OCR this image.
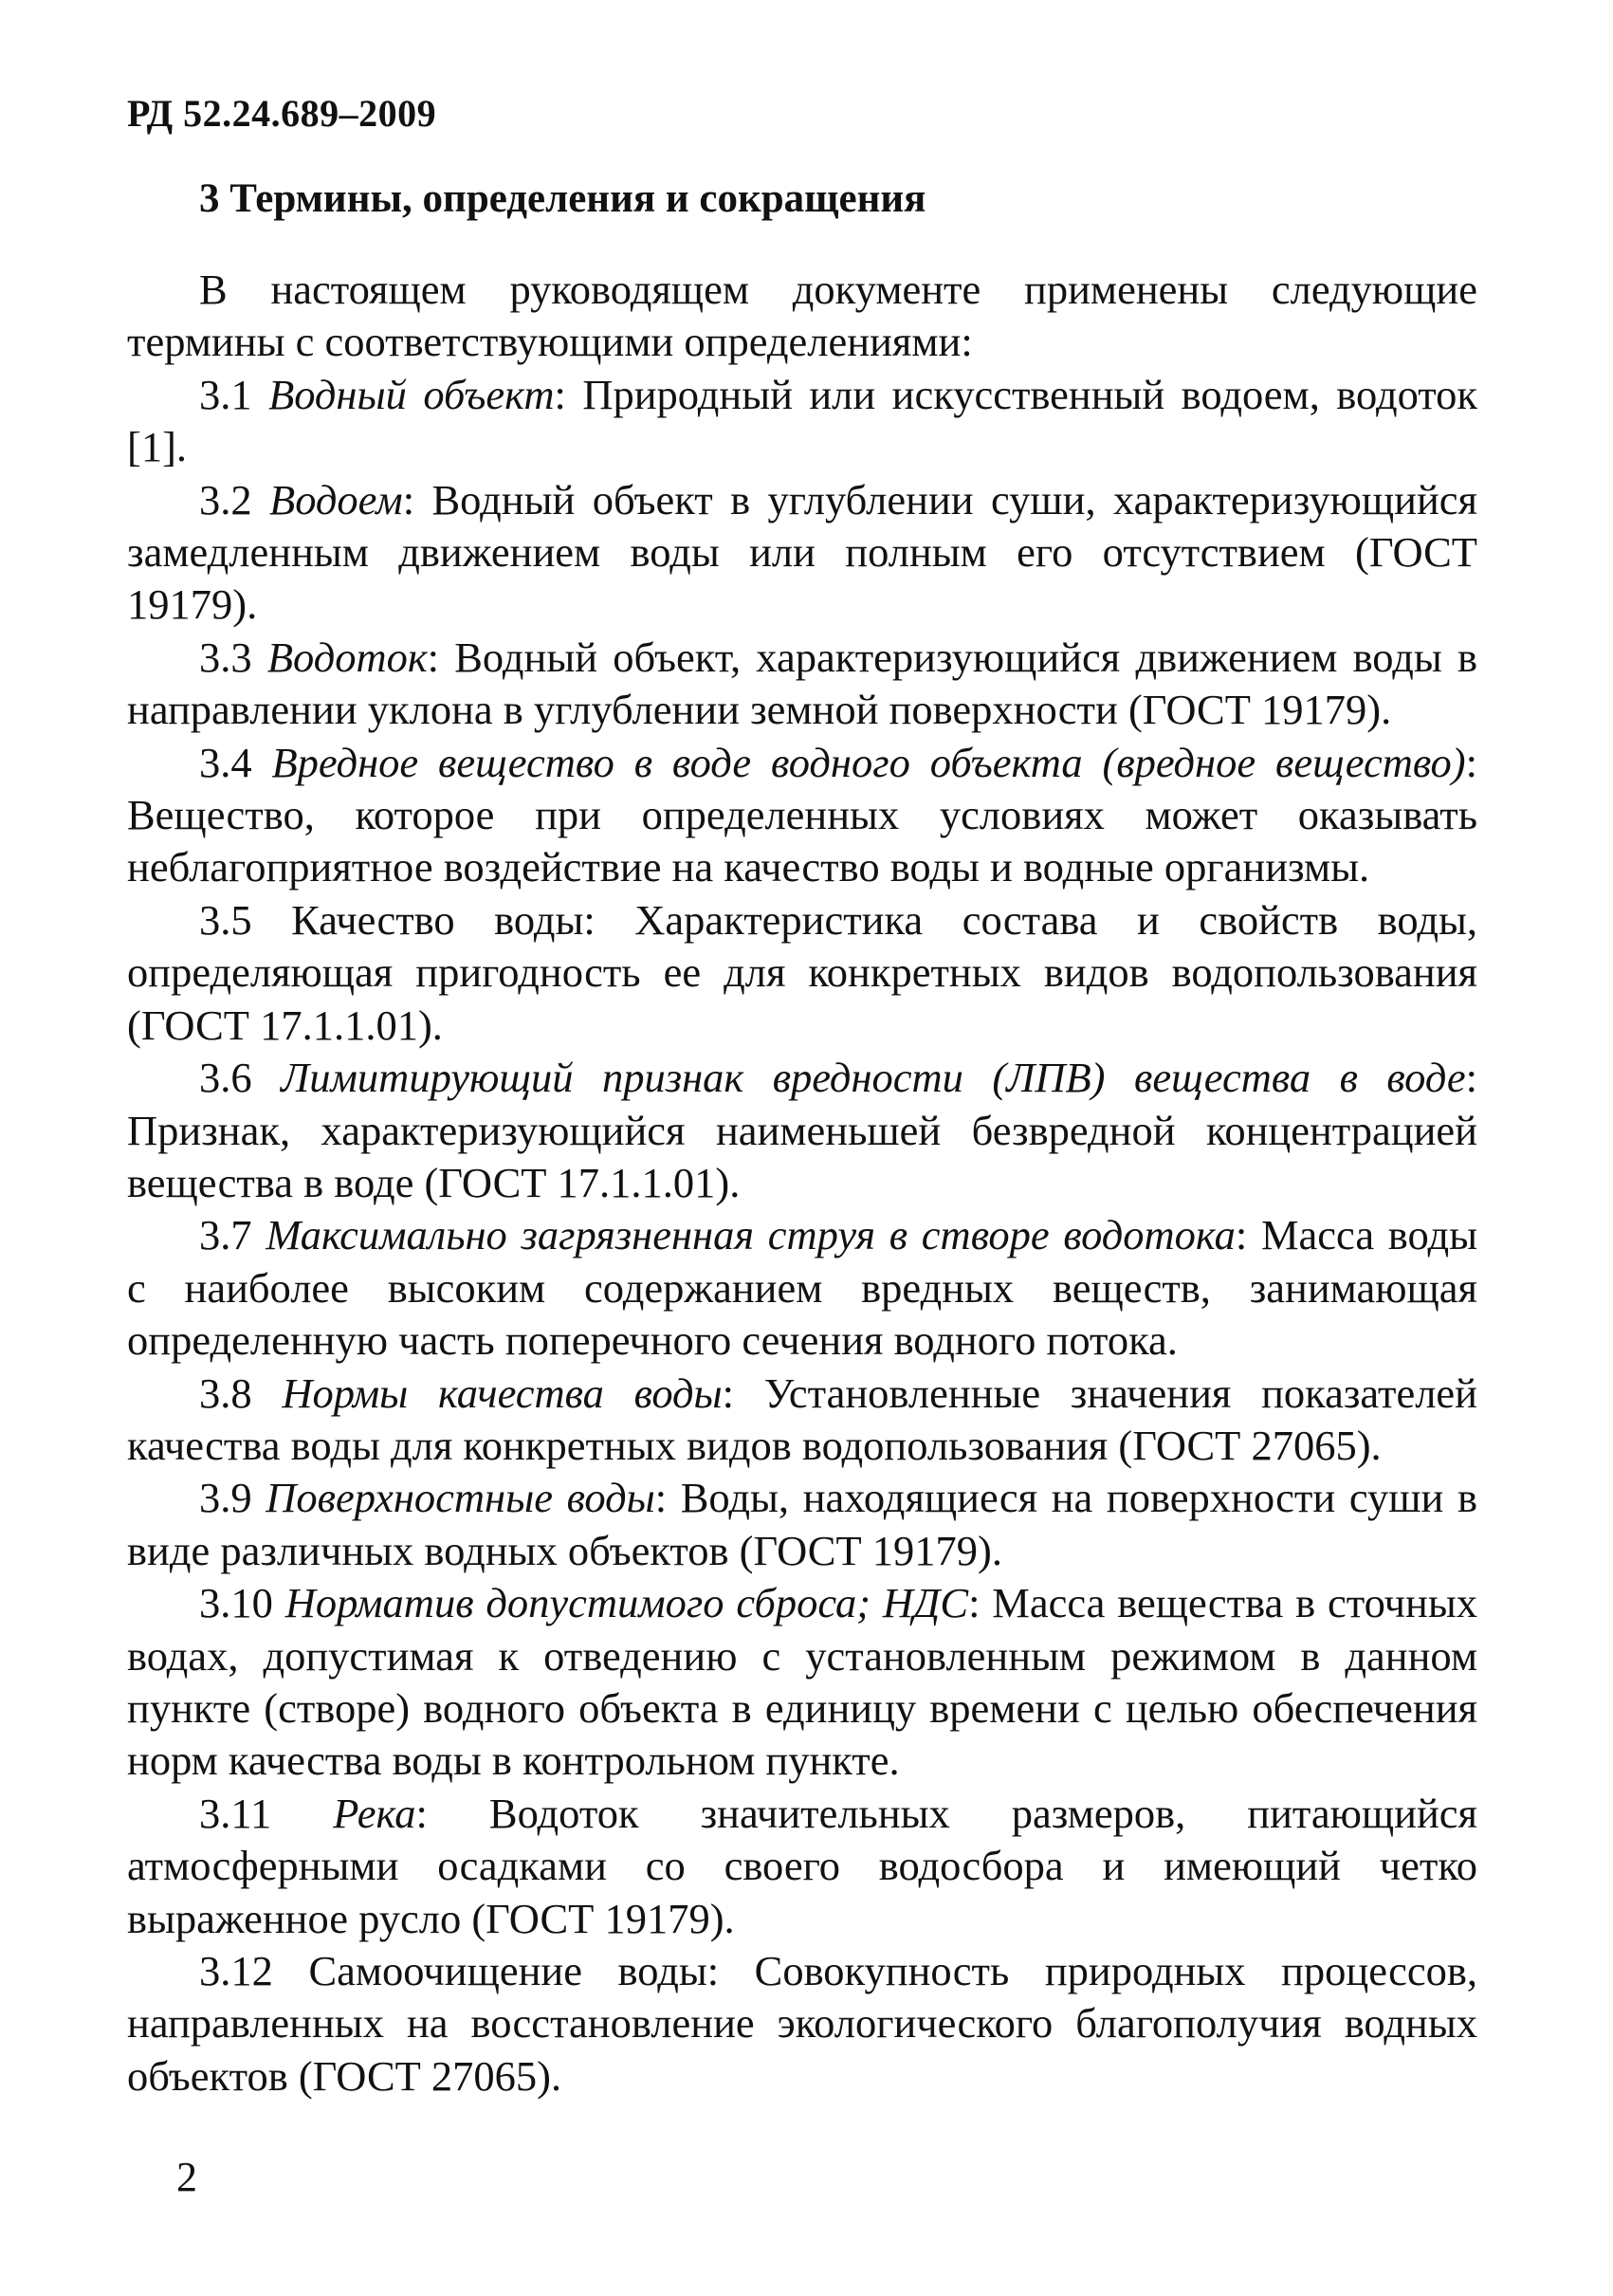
РД 52.24.689–2009
3 Термины, определения и сокращения

В настоящем руководящем документе применены следующие термины с соответствующими определениями:

3.1 Водный объект: Природный или искусственный водоем, водоток [1].

3.2 Водоем: Водный объект в углублении суши, характеризующийся замедленным движением воды или полным его отсутствием (ГОСТ 19179).

3.3 Водоток: Водный объект, характеризующийся движением воды в направлении уклона в углублении земной поверхности (ГОСТ 19179).

3.4 Вредное вещество в воде водного объекта (вредное вещество): Вещество, которое при определенных условиях может оказывать неблагоприятное воздействие на качество воды и водные организмы.

3.5 Качество воды: Характеристика состава и свойств воды, определяющая пригодность ее для конкретных видов водопользования (ГОСТ 17.1.1.01).

3.6 Лимитирующий признак вредности (ЛПВ) вещества в воде: Признак, характеризующийся наименьшей безвредной концентрацией вещества в воде (ГОСТ 17.1.1.01).

3.7 Максимально загрязненная струя в створе водотока: Масса воды с наиболее высоким содержанием вредных веществ, занимающая определенную часть поперечного сечения водного потока.

3.8 Нормы качества воды: Установленные значения показателей качества воды для конкретных видов водопользования (ГОСТ 27065).

3.9 Поверхностные воды: Воды, находящиеся на поверхности суши в виде различных водных объектов (ГОСТ 19179).

3.10 Норматив допустимого сброса; НДС: Масса вещества в сточных водах, допустимая к отведению с установленным режимом в данном пункте (створе) водного объекта в единицу времени с целью обеспечения норм качества воды в контрольном пункте.

3.11 Река: Водоток значительных размеров, питающийся атмосферными осадками со своего водосбора и имеющий четко выраженное русло (ГОСТ 19179).

3.12 Самоочищение воды: Совокупность природных процессов, направленных на восстановление экологического благополучия водных объектов (ГОСТ 27065).

2
